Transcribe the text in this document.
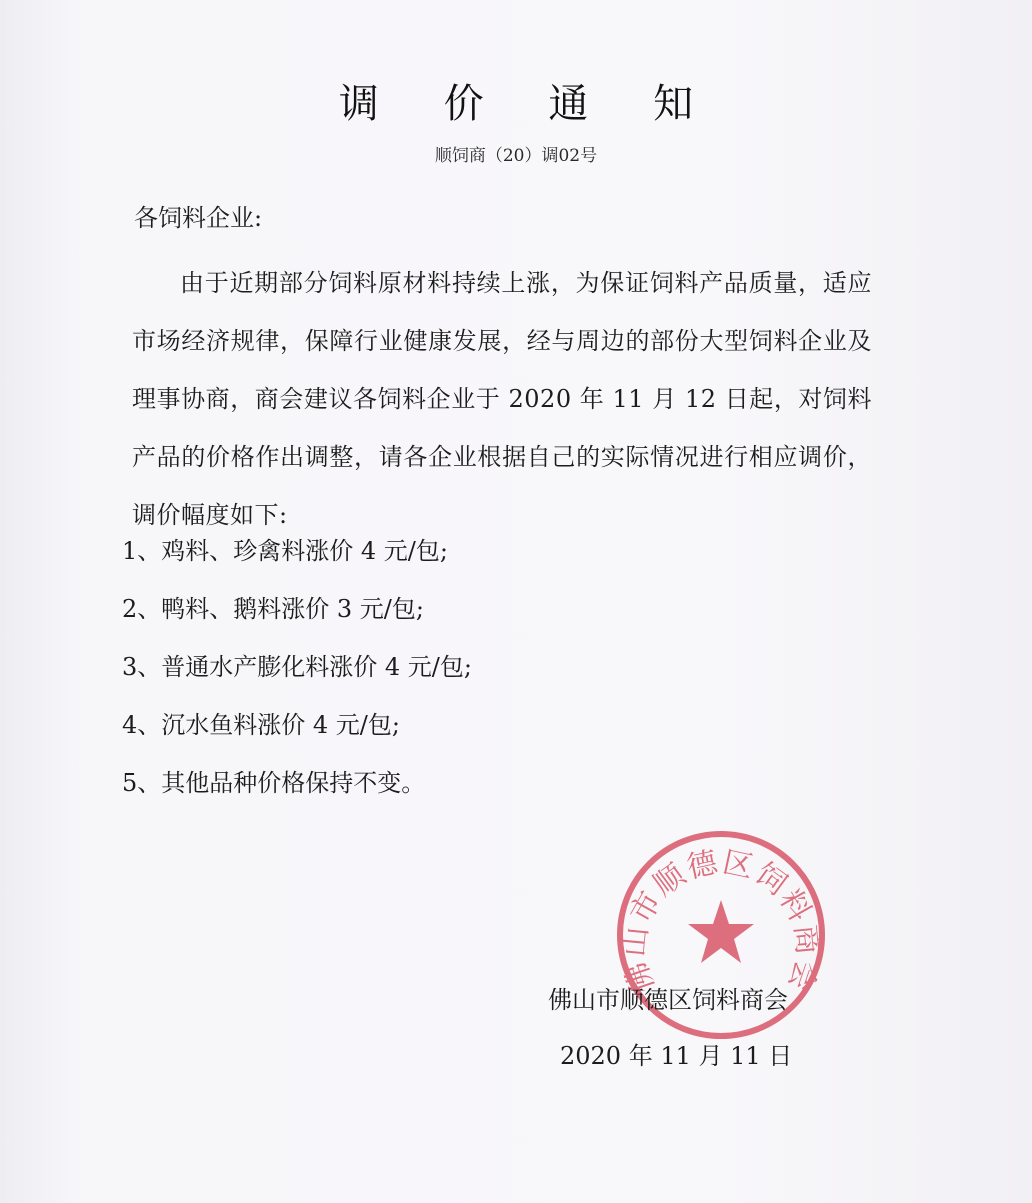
调 价 通 知
顺饲商（20）调02号
各饲料企业:
由于近期部分饲料原材料持续上涨，为保证饲料产品质量，适应市场经济规律，保障行业健康发展，经与周边的部份大型饲料企业及理事协商，商会建议各饲料企业于 2020 年 11 月 12 日起，对饲料产品的价格作出调整，请各企业根据自己的实际情况进行相应调价，调价幅度如下:
1、鸡料、珍禽料涨价 4 元/包;
2、鸭料、鹅料涨价 3 元/包;
3、普通水产膨化料涨价 4 元/包;
4、沉水鱼料涨价 4 元/包;
5、其他品种价格保持不变。
佛山市顺德区饲料商会
佛山市顺德区饲料商会
2020 年 11 月 11 日
